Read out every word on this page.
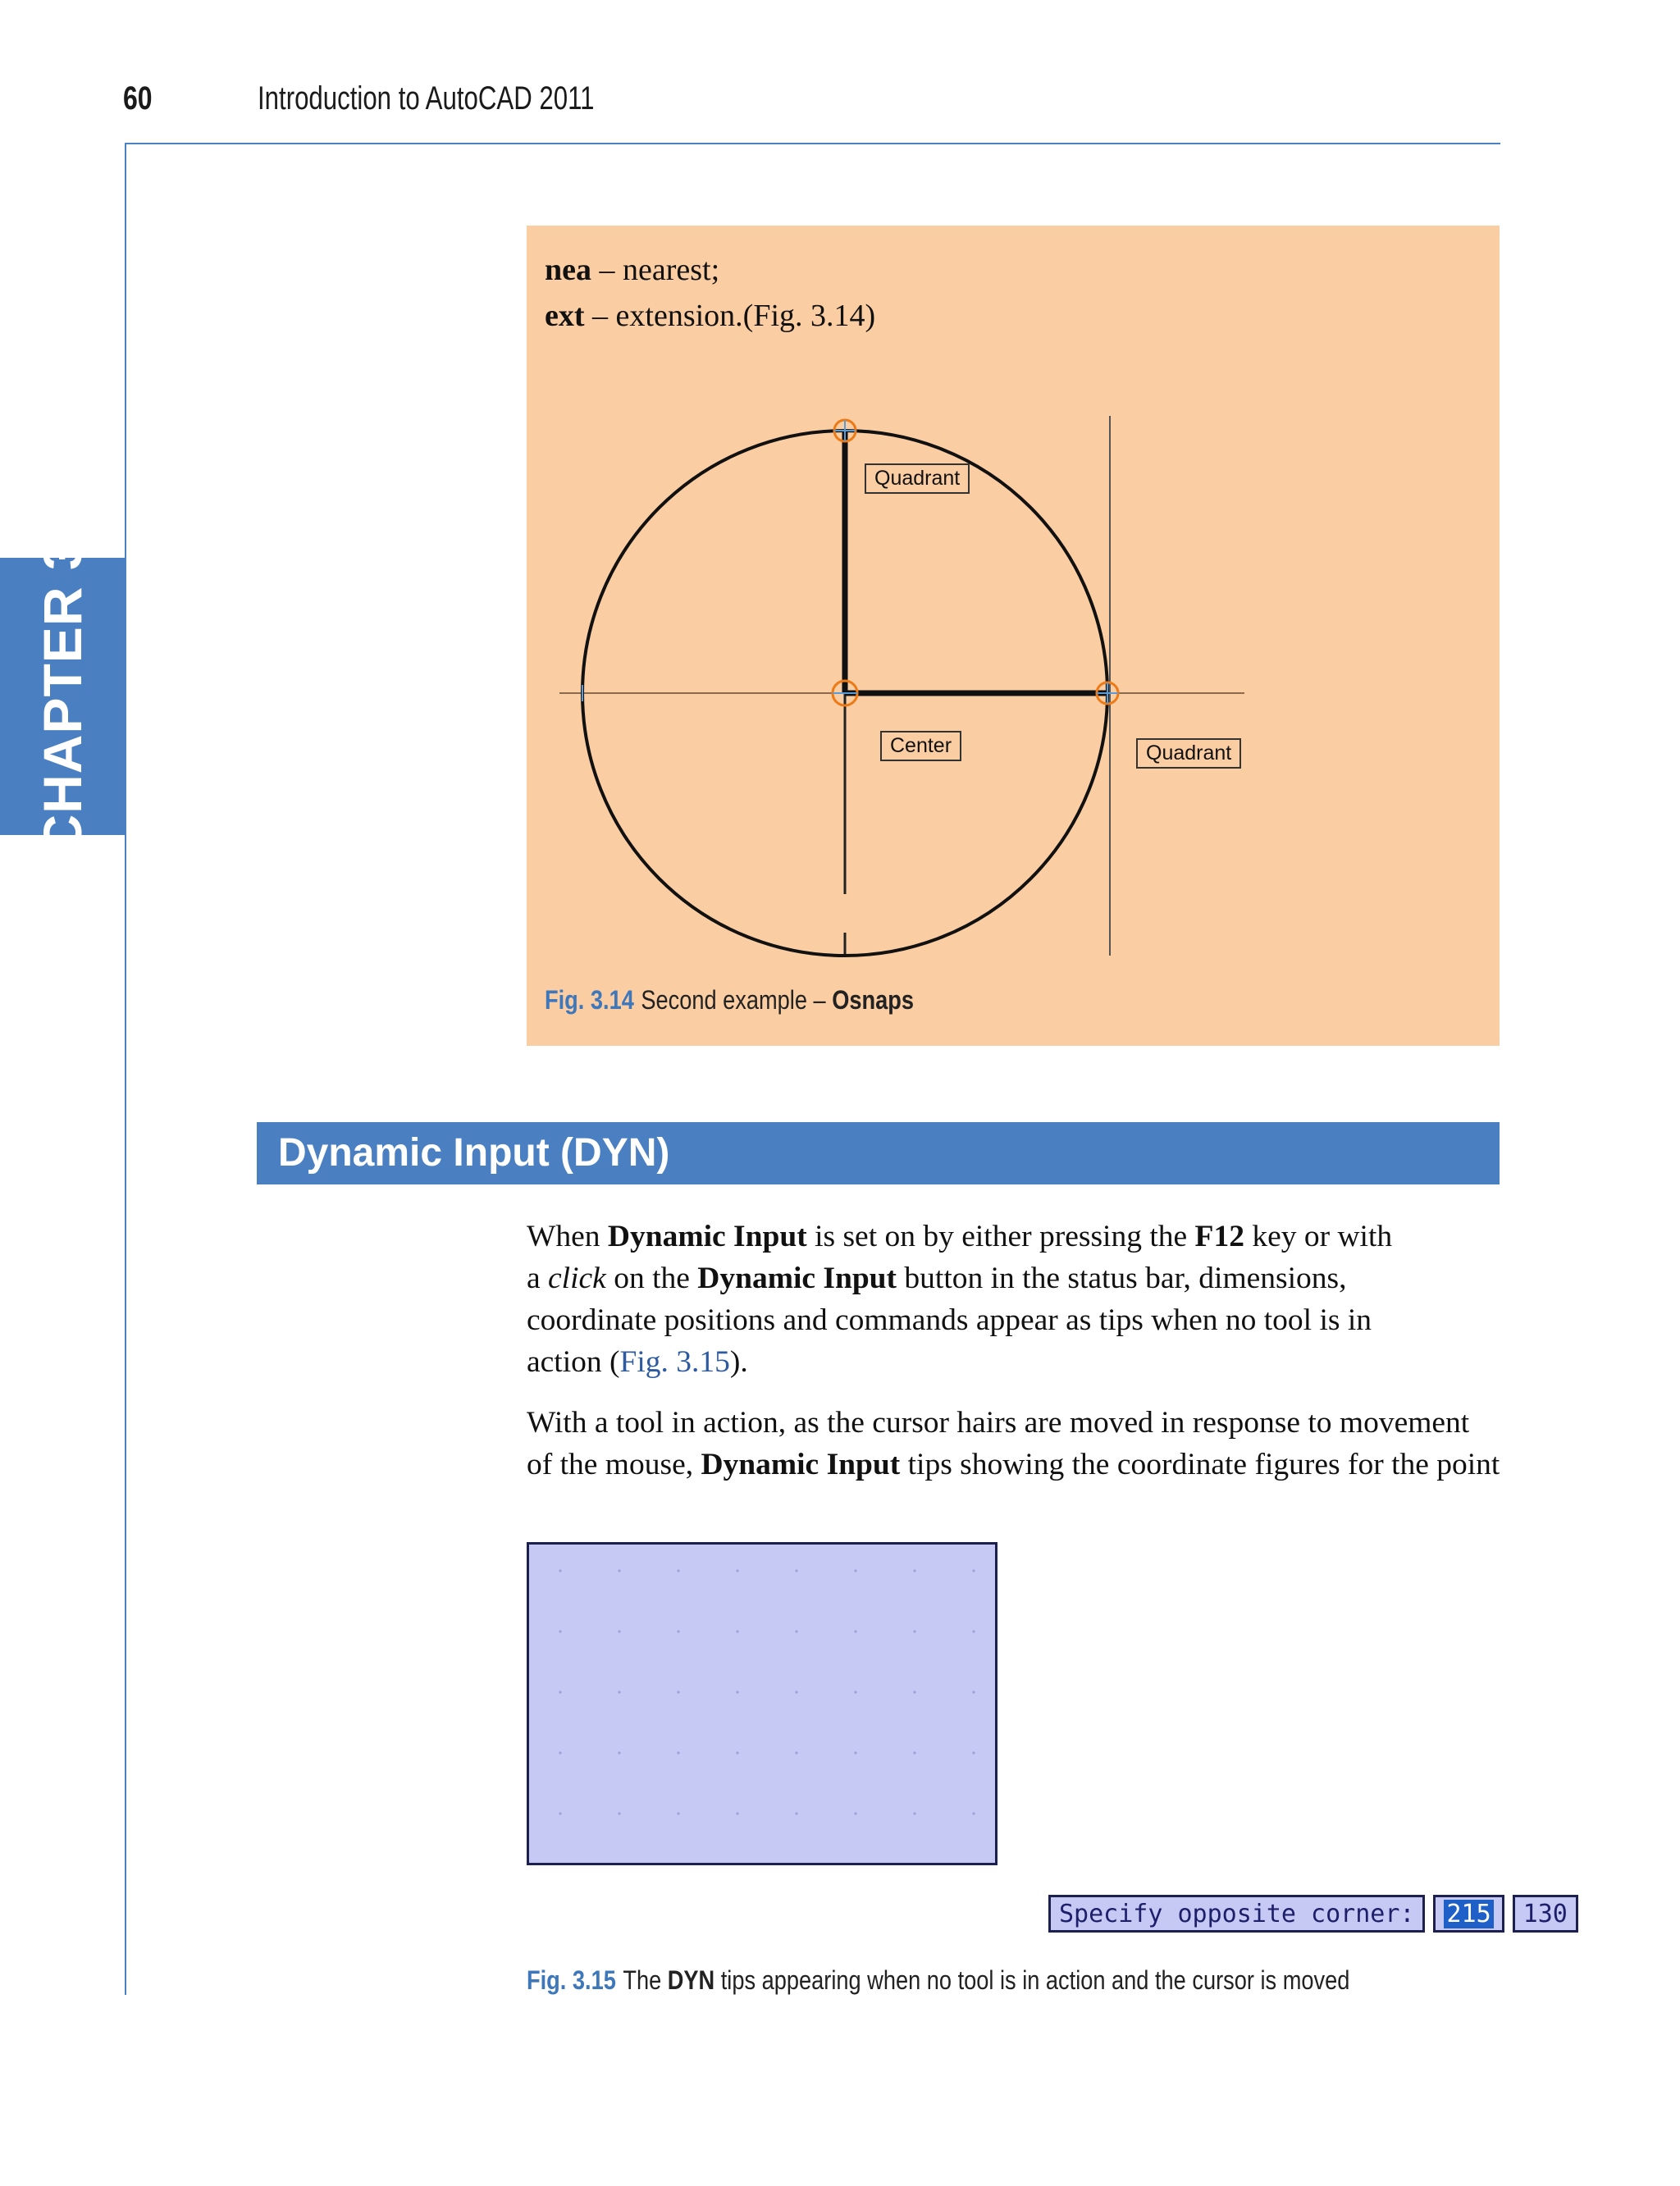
60	Introduction to AutoCAD 2011
CHAPTER 3
nea – nearest;
ext – extension.(Fig. 3.14)
Quadrant
Center	Quadrant
Fig. 3.14 Second example – Osnaps
Dynamic Input (DYN)
When Dynamic Input is set on by either pressing the F12 key or with
a click on the Dynamic Input button in the status bar, dimensions,
coordinate positions and commands appear as tips when no tool is in
action (Fig. 3.15).
With a tool in action, as the cursor hairs are moved in response to movement
of the mouse, Dynamic Input tips showing the coordinate figures for the point
Specify opposite corner:	215	130
Fig. 3.15 The DYN tips appearing when no tool is in action and the cursor is moved
